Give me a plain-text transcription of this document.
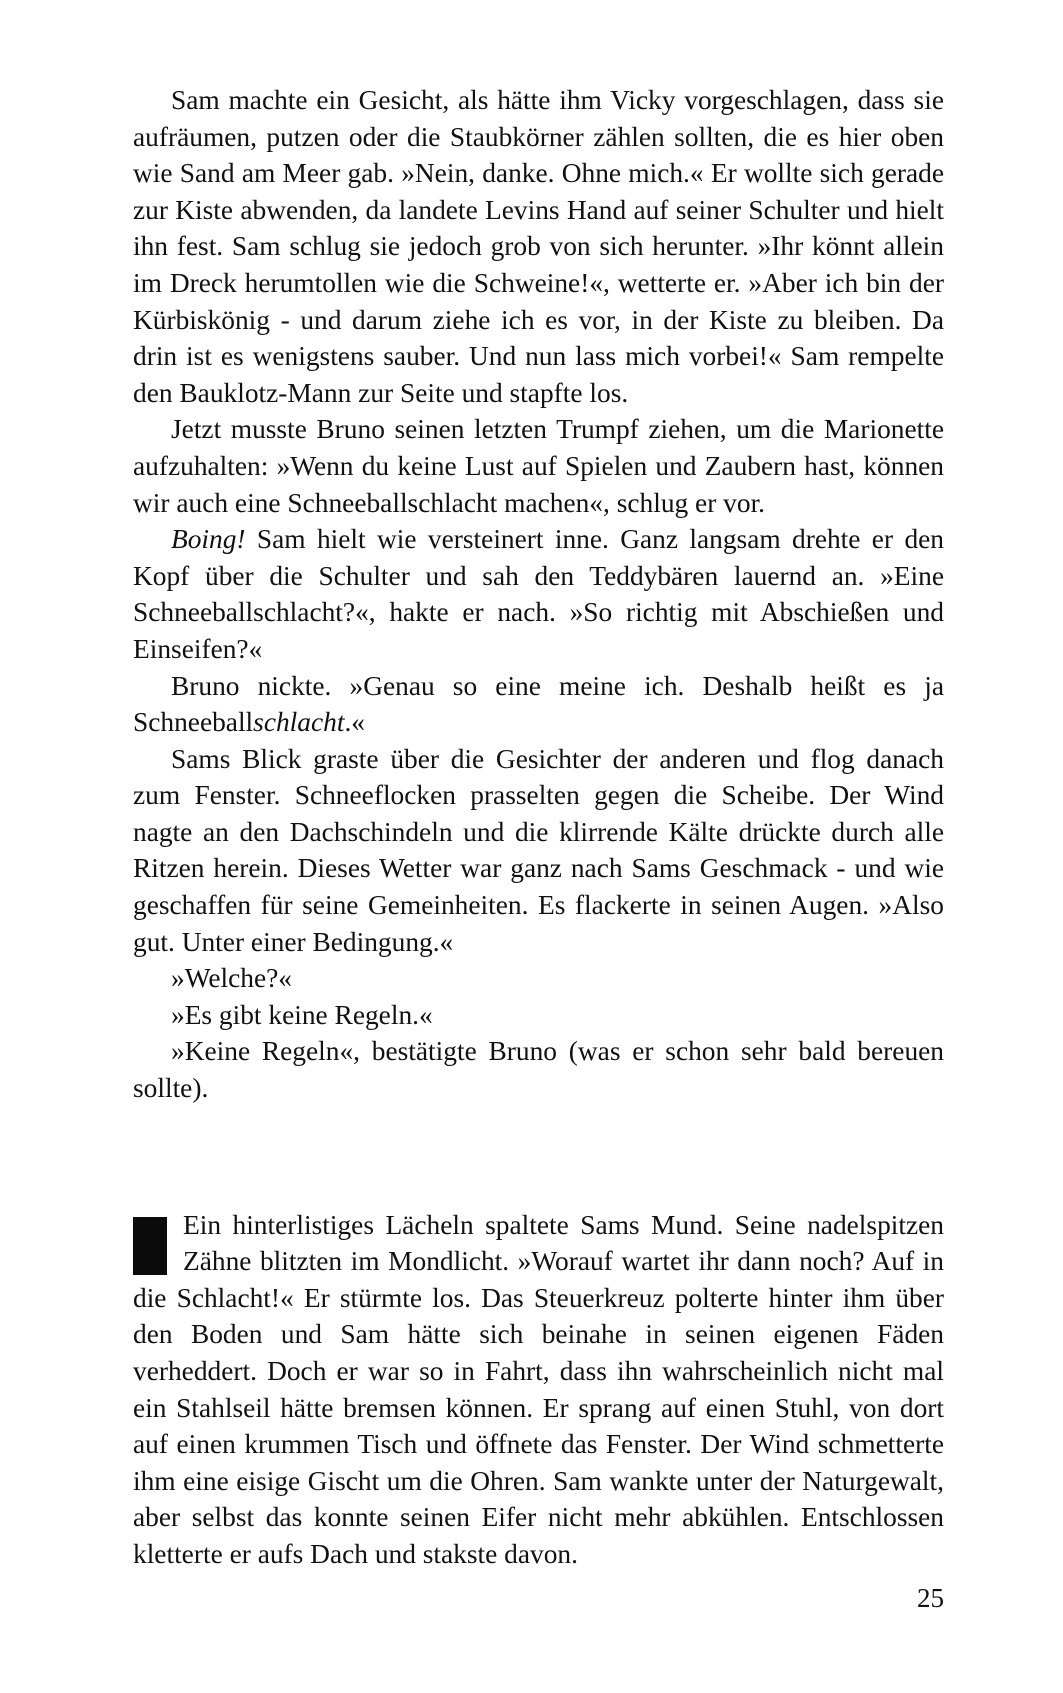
Sam machte ein Gesicht, als hätte ihm Vicky vorgeschlagen, dass sie aufräumen, putzen oder die Staubkörner zählen sollten, die es hier oben wie Sand am Meer gab. »Nein, danke. Ohne mich.« Er wollte sich gerade zur Kiste abwenden, da landete Levins Hand auf seiner Schulter und hielt ihn fest. Sam schlug sie jedoch grob von sich herunter. »Ihr könnt allein im Dreck herumtollen wie die Schweine!«, wetterte er. »Aber ich bin der Kürbiskönig - und darum ziehe ich es vor, in der Kiste zu bleiben. Da drin ist es wenigstens sauber. Und nun lass mich vorbei!« Sam rempelte den Bauklotz-Mann zur Seite und stapfte los.

Jetzt musste Bruno seinen letzten Trumpf ziehen, um die Marionette aufzuhalten: »Wenn du keine Lust auf Spielen und Zaubern hast, können wir auch eine Schneeballschlacht machen«, schlug er vor.

Boing! Sam hielt wie versteinert inne. Ganz langsam drehte er den Kopf über die Schulter und sah den Teddybären lauernd an. »Eine Schneeballschlacht?«, hakte er nach. »So richtig mit Abschießen und Einseifen?«

Bruno nickte. »Genau so eine meine ich. Deshalb heißt es ja Schneeballschlacht.«

Sams Blick graste über die Gesichter der anderen und flog danach zum Fenster. Schneeflocken prasselten gegen die Scheibe. Der Wind nagte an den Dachschindeln und die klirrende Kälte drückte durch alle Ritzen herein. Dieses Wetter war ganz nach Sams Geschmack - und wie geschaffen für seine Gemeinheiten. Es flackerte in seinen Augen. »Also gut. Unter einer Bedingung.«

»Welche?«

»Es gibt keine Regeln.«

»Keine Regeln«, bestätigte Bruno (was er schon sehr bald bereuen sollte).

Ein hinterlistiges Lächeln spaltete Sams Mund. Seine nadelspitzen Zähne blitzten im Mondlicht. »Worauf wartet ihr dann noch? Auf in die Schlacht!« Er stürmte los. Das Steuerkreuz polterte hinter ihm über den Boden und Sam hätte sich beinahe in seinen eigenen Fäden verheddert. Doch er war so in Fahrt, dass ihn wahrscheinlich nicht mal ein Stahlseil hätte bremsen können. Er sprang auf einen Stuhl, von dort auf einen krummen Tisch und öffnete das Fenster. Der Wind schmetterte ihm eine eisige Gischt um die Ohren. Sam wankte unter der Naturgewalt, aber selbst das konnte seinen Eifer nicht mehr abkühlen. Entschlossen kletterte er aufs Dach und stakste davon.

25
